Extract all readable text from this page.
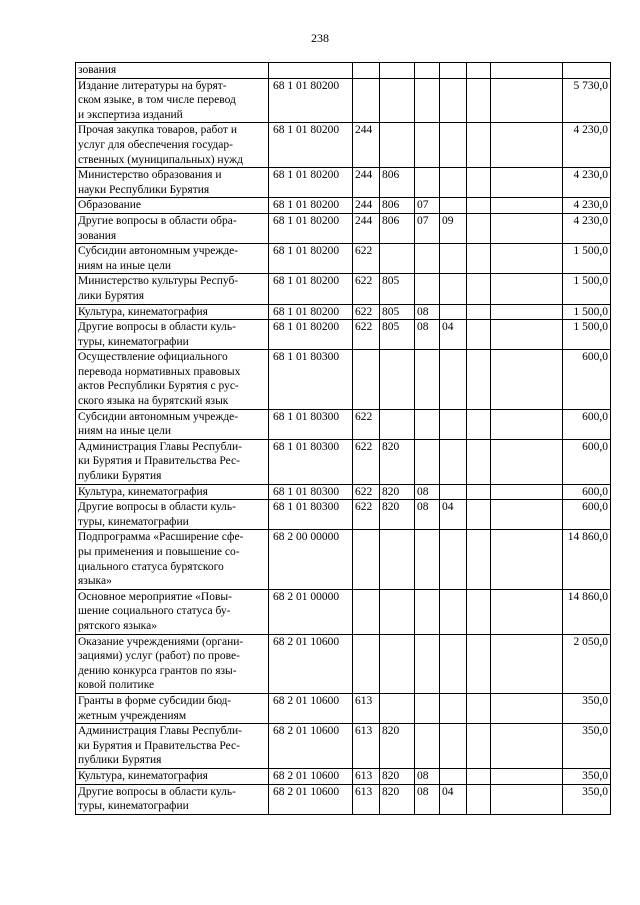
238
зования									
Издание литературы на бурят-
ском языке, в том числе перевод
и экспертиза изданий	68 1 01 80200							5 730,0	
Прочая закупка товаров, работ и
услуг для обеспечения государ-
ственных (муниципальных) нужд	68 1 01 80200	244						4 230,0	
Министерство образования и
науки Республики Бурятия	68 1 01 80200	244	806					4 230,0	
Образование	68 1 01 80200	244	806	07				4 230,0	
Другие вопросы в области обра-
зования	68 1 01 80200	244	806	07	09			4 230,0	
Субсидии автономным учрежде-
ниям на иные цели	68 1 01 80200	622						1 500,0	
Министерство культуры Респуб-
лики Бурятия	68 1 01 80200	622	805					1 500,0	
Культура, кинематография	68 1 01 80200	622	805	08				1 500,0	
Другие вопросы в области куль-
туры, кинематографии	68 1 01 80200	622	805	08	04			1 500,0	
Осуществление официального
перевода нормативных правовых
актов Республики Бурятия с рус-
ского языка на бурятский язык	68 1 01 80300							600,0	
Субсидии автономным учрежде-
ниям на иные цели	68 1 01 80300	622						600,0	
Администрация Главы Республи-
ки Бурятия и Правительства Рес-
публики Бурятия	68 1 01 80300	622	820					600,0	
Культура, кинематография	68 1 01 80300	622	820	08				600,0	
Другие вопросы в области куль-
туры, кинематографии	68 1 01 80300	622	820	08	04			600,0	
Подпрограмма «Расширение сфе-
ры применения и повышение со-
циального статуса бурятского
языка»	68 2 00 00000							14 860,0	
Основное мероприятие «Повы-
шение социального статуса бу-
рятского языка»	68 2 01 00000							14 860,0	
Оказание учреждениями (органи-
зациями) услуг (работ) по прове-
дению конкурса грантов по язы-
ковой политике	68 2 01 10600							2 050,0	
Гранты в форме субсидии бюд-
жетным учреждениям	68 2 01 10600	613						350,0	
Администрация Главы Республи-
ки Бурятия и Правительства Рес-
публики Бурятия	68 2 01 10600	613	820					350,0	
Культура, кинематография	68 2 01 10600	613	820	08				350,0	
Другие вопросы в области куль-
туры, кинематографии	68 2 01 10600	613	820	08	04			350,0	
